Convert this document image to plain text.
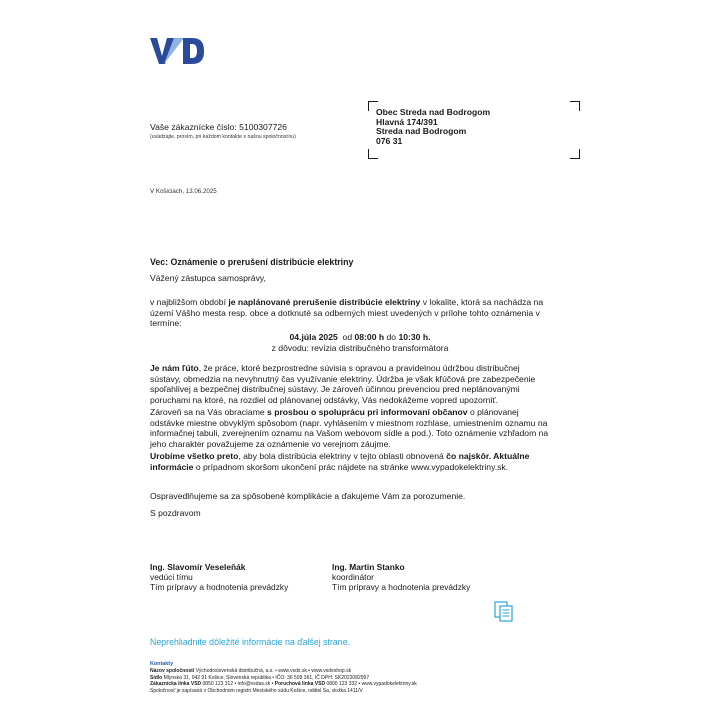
Vaše zákaznícke číslo: 5100307726
(uvádzajte, prosím, pri každom kontakte s našou spoločnosťou)
Obec Streda nad Bodrogom
Hlavná 174/391
Streda nad Bodrogom
076 31
V Košiciach, 13.06.2025
Vec: Oznámenie o prerušení distribúcie elektriny
Vážený zástupca samosprávy,
v najbližšom období je naplánované prerušenie distribúcie elektriny v lokalite, ktorá sa nachádza na území Vášho mesta resp. obce a dotknuté sa odberných miest uvedených v prílohe tohto oznámenia v termíne:
04.júla 2025 od 08:00 h do 10:30 h.
z dôvodu: revízia distribučného transformátora
Je nám ľúto, že práce, ktoré bezprostredne súvisia s opravou a pravidelnou údržbou distribučnej sústavy, obmedzia na nevyhnutný čas využívanie elektriny. Údržba je však kľúčová pre zabezpečenie spoľahlivej a bezpečnej distribučnej sústavy. Je zároveň účinnou prevenciou pred neplánovanými poruchami na ktoré, na rozdiel od plánovanej odstávky, Vás nedokážeme vopred upozorniť.
Zároveň sa na Vás obraciame s prosbou o spoluprácu pri informovaní občanov o plánovanej odstávke miestne obvyklým spôsobom (napr. vyhlásením v miestnom rozhlase, umiestnením oznamu na informačnej tabuli, zverejnením oznamu na Vašom webovom sídle a pod.). Toto oznámenie vzhľadom na jeho charakter považujeme za oznámenie vo verejnom záujme.
Urobíme všetko preto, aby bola distribúcia elektriny v tejto oblasti obnovená čo najskôr. Aktuálne informácie o prípadnom skoršom ukončení prác nájdete na stránke www.vypadokelektriny.sk.
Ospravedlňujeme sa za spôsobené komplikácie a ďakujeme Vám za porozumenie.
S pozdravom
Ing. Slavomír Veseleňák
vedúci tímu
Tím prípravy a hodnotenia prevádzky
Ing. Martin Stanko
koordinátor
Tím prípravy a hodnotenia prevádzky
Neprehliadnite dôležité informácie na ďalšej strane.
Kontakty
Názov spoločnosti Východoslovenská distribučná, a.s. • www.vsds.sk • www.vsdeshop.sk
Sídlo Mlynská 31, 042 91 Košice, Slovenská republika • IČO: 36 599 361, IČ DPH: SK2022082997
Zákaznícka linka VSD 0850 123 312 • info@vsdas.sk • Poruchová linka VSD 0800 123 332 • www.vypadokelektriny.sk
Spoločnosť je zapísaná v Obchodnom registri Mestského súdu Košice, oddiel Sa, vložka 1411/V
